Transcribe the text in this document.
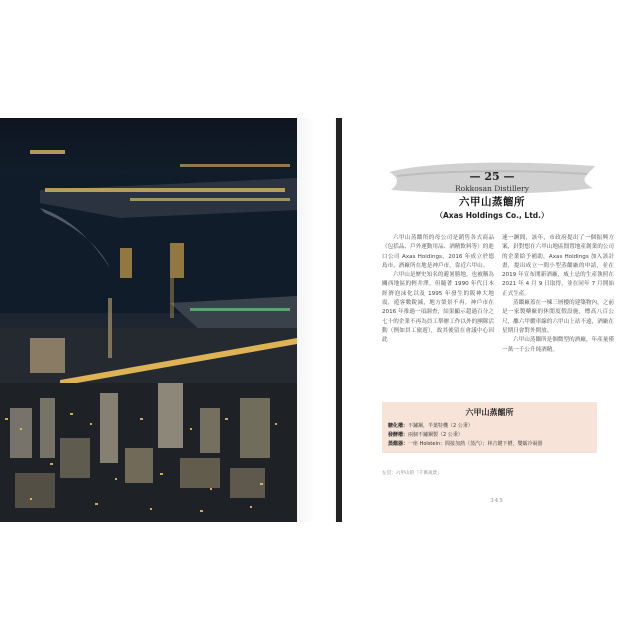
— 25 —
Rokkosan Distillery
六甲山蒸餾所
（Axas Holdings Co., Ltd.）

六甲山蒸餾所的母公司是銷售各式商品（包括品、戶外運動用品、酒精飲料等）的進口公司 Axas Holdings，2016 年成立於德島市，酒廠所在地是神戶市，靠近六甲山。

六甲山是歷史知名的避暑勝地，也被稱為關西地區的輕井澤，但隨著 1990 年代日本經濟泡沫化以及 1995 年發生的阪神大地震，遊客數銳減，地方榮景不再。神戶市在 2016 年推過一項調查，結果顯示超過百分之七十的企業不再為員工舉辦工作以外的團隊活動（例如員工旅遊），故其後留在會議中心因此

速一蹶間，該年，市政府提出了一個振興方案，針對想在六甲山地區閒置地產創業的公司的企業給予補助，Axas Holdings 加入該計畫，提出成立一間小型蒸餾廠的申請，並在 2019 年宣布開新酒廠，威士忌的生產執照在 2021 年 4 月 9 日取得，並在同年 7 月開始正式生產。

蒸餾廠蓋在一棟三層樓的建築物內，之前是一家製藥廠的休閒度假設施，標高八百公尺，離六甲纜車線的六甲山上站不遠，酒廠在星期日會對外開放。

六甲山蒸餾所是個微型的酒廠，年產量僅一萬一千公升純酒精。

六甲山蒸餾所
糖化槽：不鏽鋼，半葉特機（2 公秉）
發酵槽：兩個不鏽鋼製（2 公秉）
蒸餾器：一座 Holstein：間接加熱（蒸汽）；林吉鍵下槽，雙蠕冷凝器
左頁：六甲山的「千萬夜景」
345
